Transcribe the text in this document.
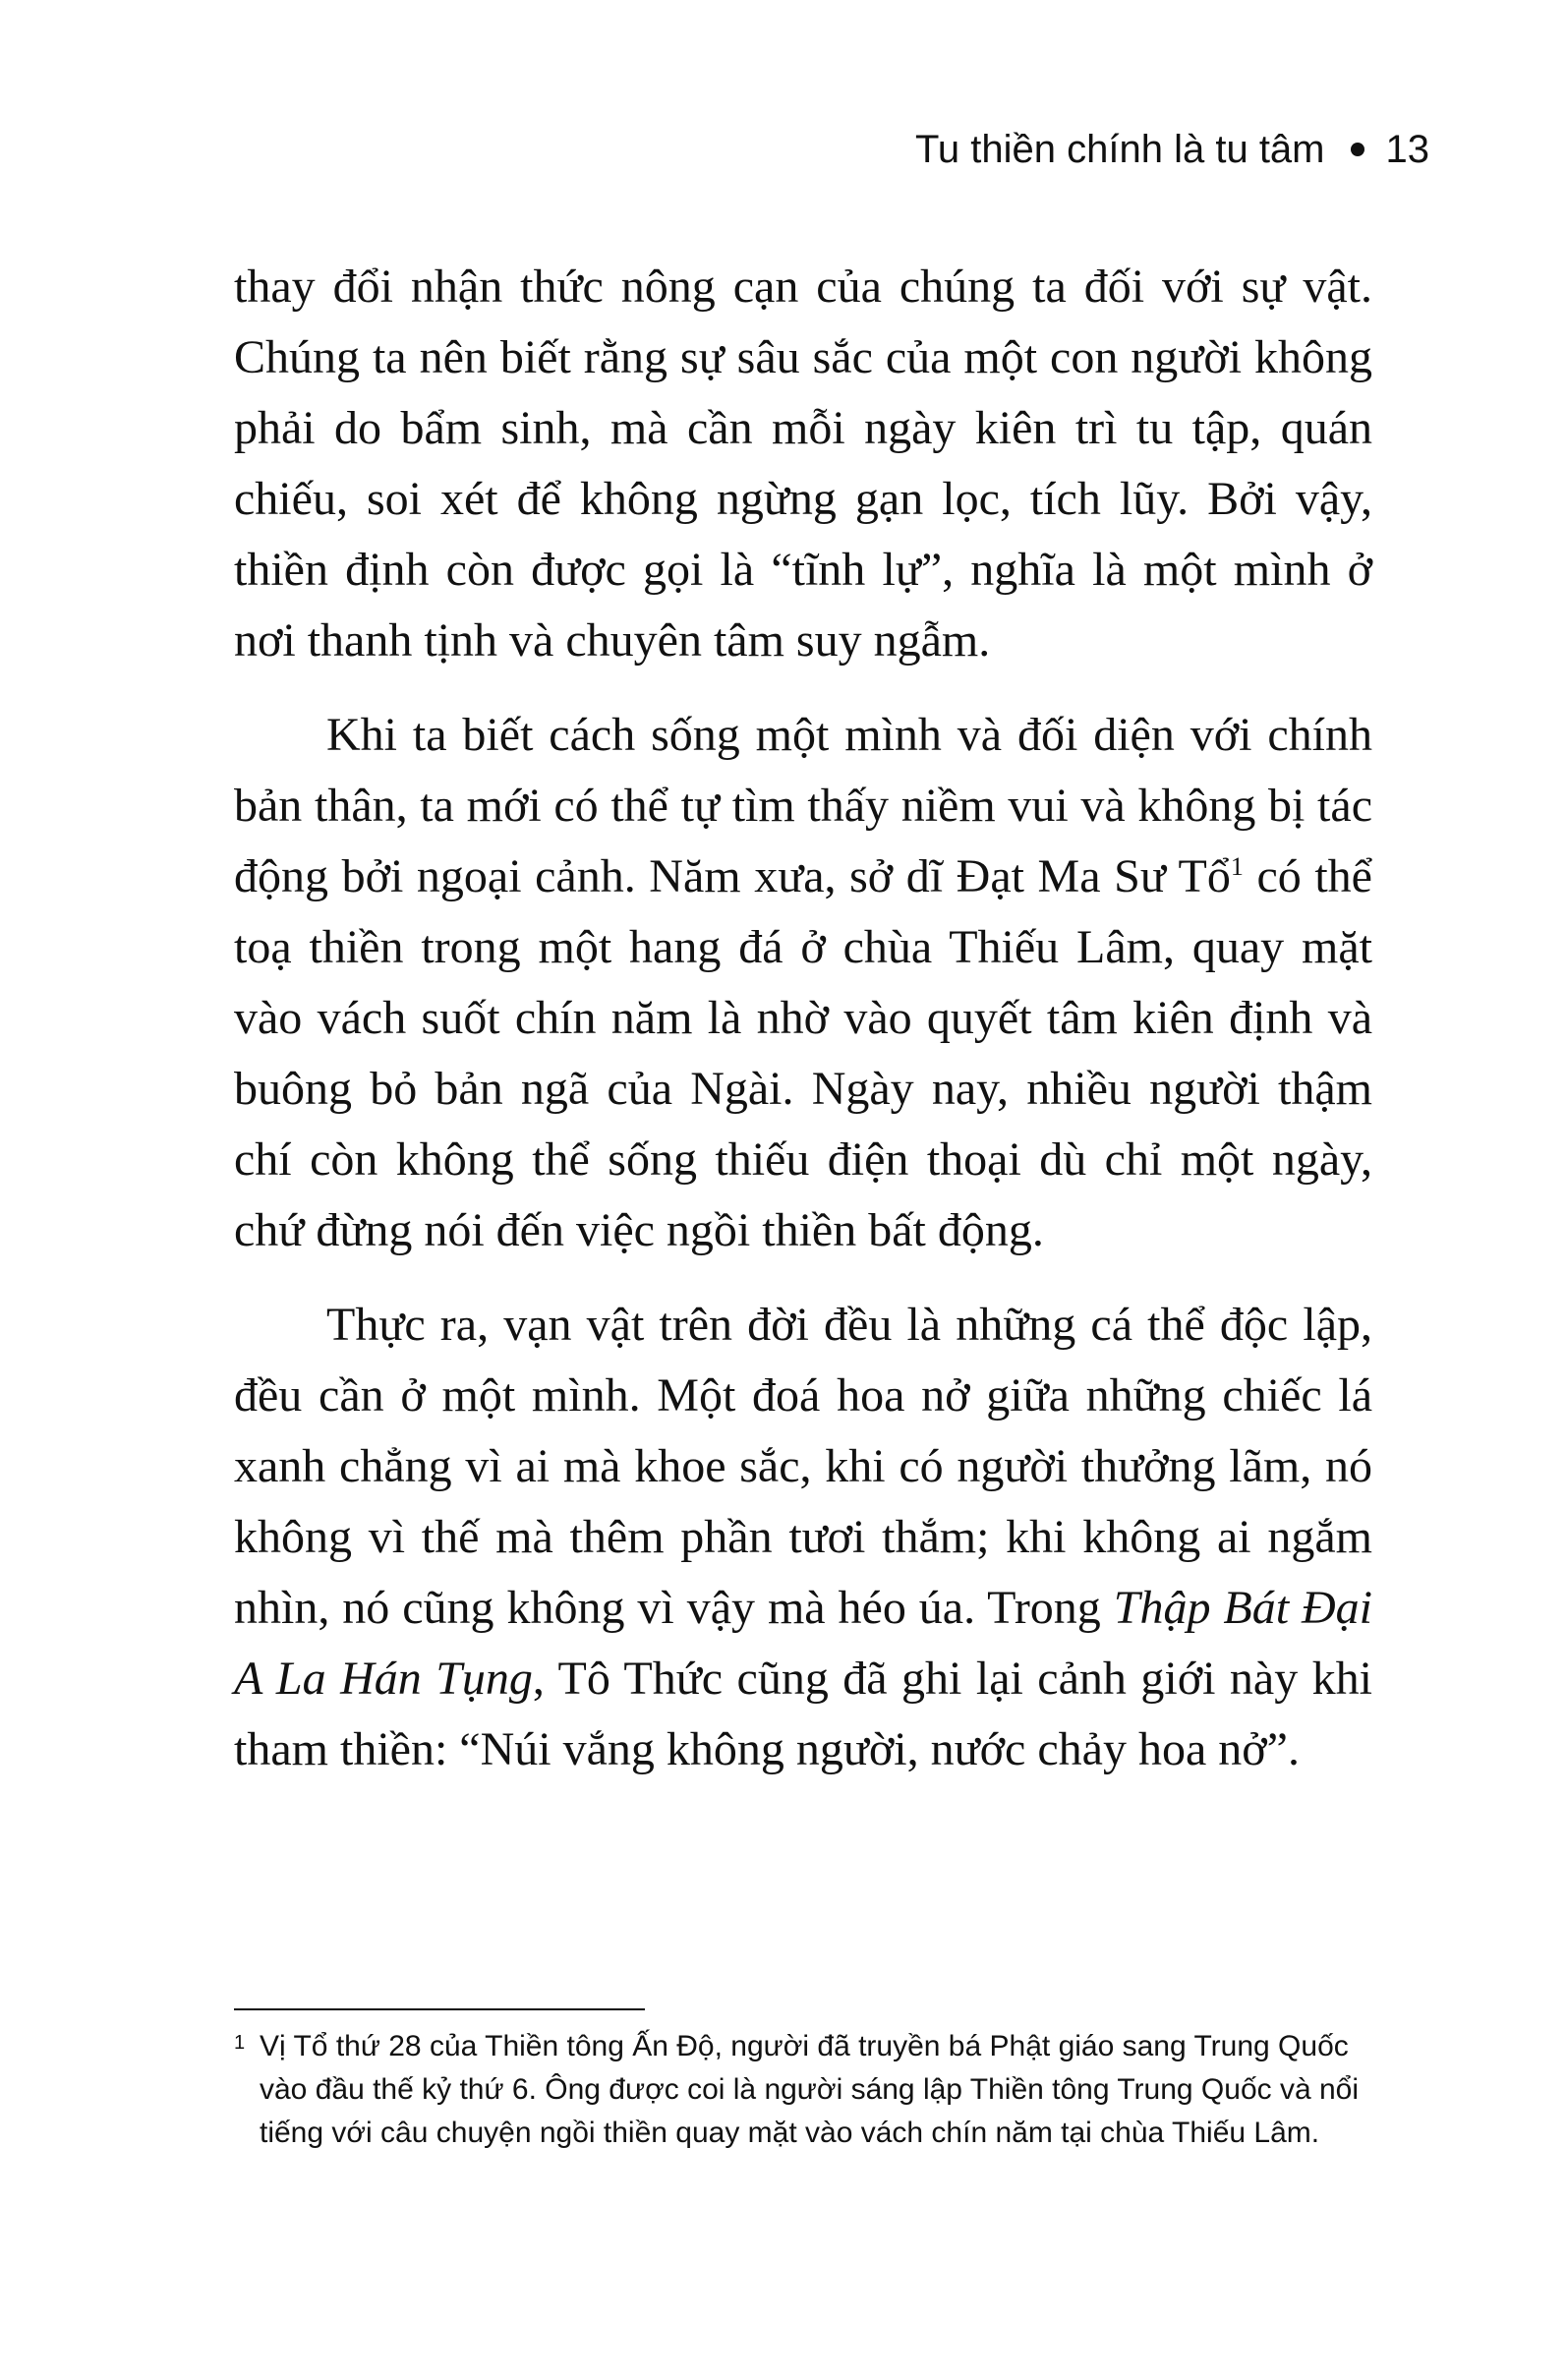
Tu thiền chính là tu tâm 13

thay đổi nhận thức nông cạn của chúng ta đối với sự vật. Chúng ta nên biết rằng sự sâu sắc của một con người không phải do bẩm sinh, mà cần mỗi ngày kiên trì tu tập, quán chiếu, soi xét để không ngừng gạn lọc, tích lũy. Bởi vậy, thiền định còn được gọi là “tĩnh lự”, nghĩa là một mình ở nơi thanh tịnh và chuyên tâm suy ngẫm.

Khi ta biết cách sống một mình và đối diện với chính bản thân, ta mới có thể tự tìm thấy niềm vui và không bị tác động bởi ngoại cảnh. Năm xưa, sở dĩ Đạt Ma Sư Tổ$^1$ có thể toạ thiền trong một hang đá ở chùa Thiếu Lâm, quay mặt vào vách suốt chín năm là nhờ vào quyết tâm kiên định và buông bỏ bản ngã của Ngài. Ngày nay, nhiều người thậm chí còn không thể sống thiếu điện thoại dù chỉ một ngày, chứ đừng nói đến việc ngồi thiền bất động.

Thực ra, vạn vật trên đời đều là những cá thể độc lập, đều cần ở một mình. Một đoá hoa nở giữa những chiếc lá xanh chẳng vì ai mà khoe sắc, khi có người thưởng lãm, nó không vì thế mà thêm phần tươi thắm; khi không ai ngắm nhìn, nó cũng không vì vậy mà héo úa. Trong Thập Bát Đại A La Hán Tụng, Tô Thức cũng đã ghi lại cảnh giới này khi tham thiền: “Núi vắng không người, nước chảy hoa nở”.

1 Vị Tổ thứ 28 của Thiền tông Ấn Độ, người đã truyền bá Phật giáo sang Trung Quốc vào đầu thế kỷ thứ 6. Ông được coi là người sáng lập Thiền tông Trung Quốc và nổi tiếng với câu chuyện ngồi thiền quay mặt vào vách chín năm tại chùa Thiếu Lâm.
